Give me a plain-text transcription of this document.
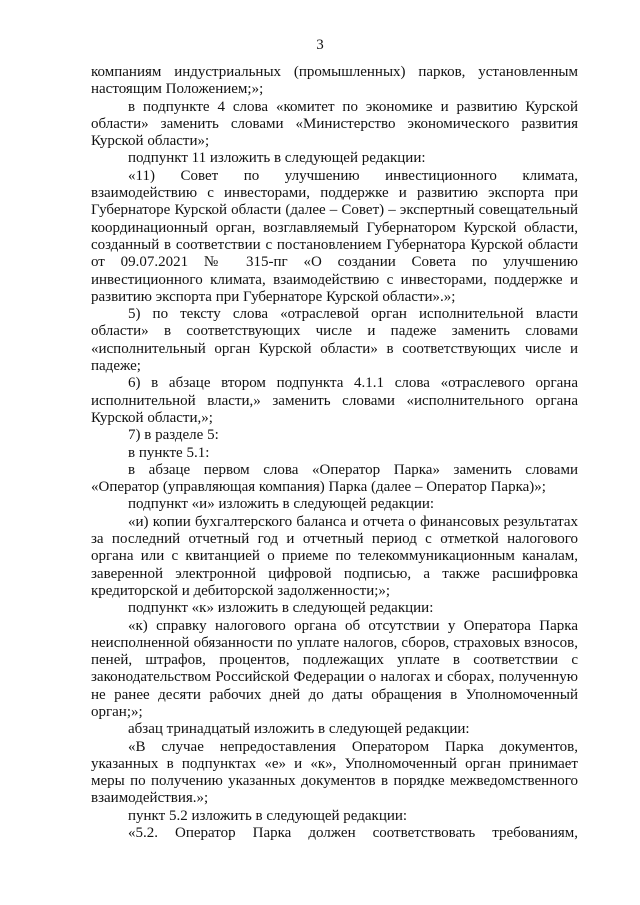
3

компаниям индустриальных (промышленных) парков, установленным настоящим Положением;»;

в подпункте 4 слова «комитет по экономике и развитию Курской области» заменить словами «Министерство экономического развития Курской области»;

подпункт 11 изложить в следующей редакции:

«11) Совет по улучшению инвестиционного климата, взаимодействию с инвесторами, поддержке и развитию экспорта при Губернаторе Курской области (далее – Совет) – экспертный совещательный координационный орган, возглавляемый Губернатором Курской области, созданный в соответствии с постановлением Губернатора Курской области от 09.07.2021 № 315-пг «О создании Совета по улучшению инвестиционного климата, взаимодействию с инвесторами, поддержке и развитию экспорта при Губернаторе Курской области».»;

5) по тексту слова «отраслевой орган исполнительной власти области» в соответствующих числе и падеже заменить словами «исполнительный орган Курской области» в соответствующих числе и падеже;

6) в абзаце втором подпункта 4.1.1 слова «отраслевого органа исполнительной власти,» заменить словами «исполнительного органа Курской области,»;

7) в разделе 5:

в пункте 5.1:

в абзаце первом слова «Оператор Парка» заменить словами «Оператор (управляющая компания) Парка (далее – Оператор Парка)»;

подпункт «и» изложить в следующей редакции:

«и) копии бухгалтерского баланса и отчета о финансовых результатах за последний отчетный год и отчетный период с отметкой налогового органа или с квитанцией о приеме по телекоммуникационным каналам, заверенной электронной цифровой подписью, а также расшифровка кредиторской и дебиторской задолженности;»;

подпункт «к» изложить в следующей редакции:

«к) справку налогового органа об отсутствии у Оператора Парка неисполненной обязанности по уплате налогов, сборов, страховых взносов, пеней, штрафов, процентов, подлежащих уплате в соответствии с законодательством Российской Федерации о налогах и сборах, полученную не ранее десяти рабочих дней до даты обращения в Уполномоченный орган;»;

абзац тринадцатый изложить в следующей редакции:

«В случае непредоставления Оператором Парка документов, указанных в подпунктах «е» и «к», Уполномоченный орган принимает меры по получению указанных документов в порядке межведомственного взаимодействия.»;

пункт 5.2 изложить в следующей редакции:

«5.2. Оператор Парка должен соответствовать требованиям,
